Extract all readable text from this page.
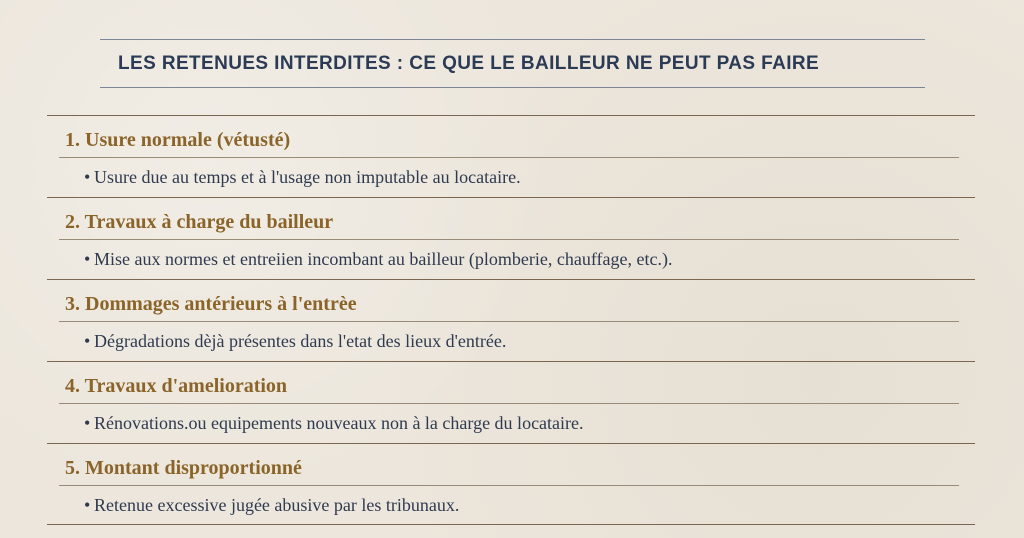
LES RETENUES INTERDITES : CE QUE LE BAILLEUR NE PEUT PAS FAIRE
1. Usure normale (vétusté)

• Usure due au temps et à l'usage non imputable au locataire.

2. Travaux à charge du bailleur

• Mise aux normes et entreiien incombant au bailleur (plomberie, chauffage, etc.).

3. Dommages antérieurs à l'entrèe

• Dégradations dèjà présentes dans l'etat des lieux d'entrée.

4. Travaux d'amelioration

• Rénovations.ou equipements nouveaux non à la charge du locataire.

5. Montant disproportionné

• Retenue excessive jugée abusive par les tribunaux.
